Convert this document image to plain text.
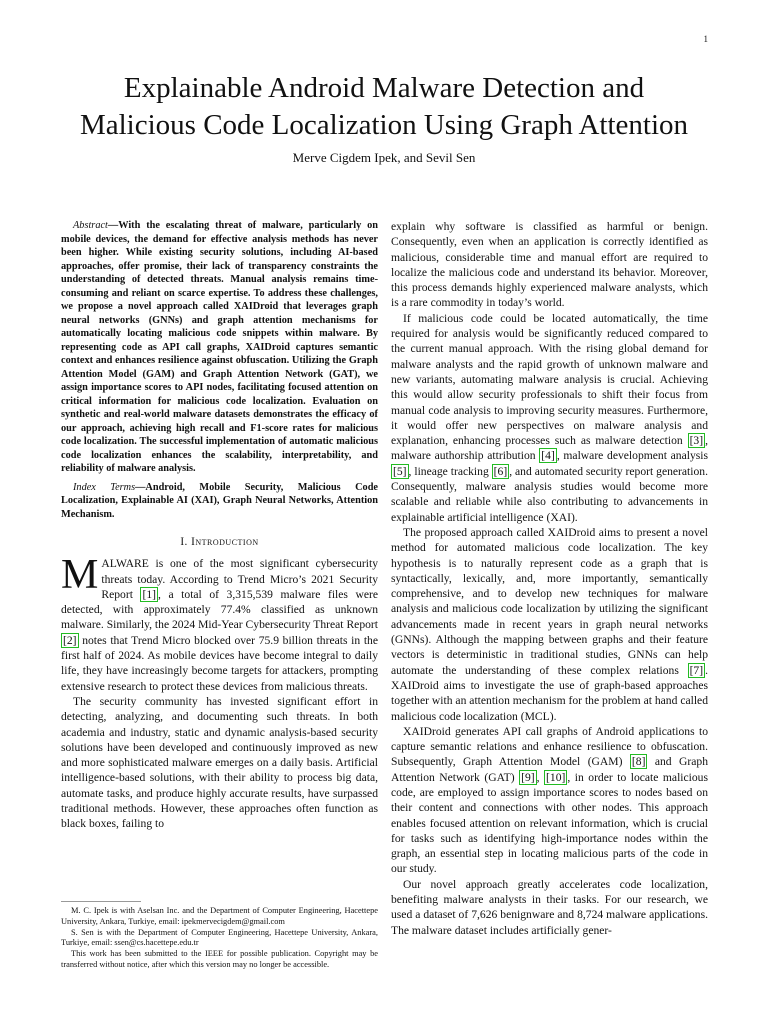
1
Explainable Android Malware Detection and
Malicious Code Localization Using Graph Attention
Merve Cigdem Ipek, and Sevil Sen

Abstract—With the escalating threat of malware, particularly on mobile devices, the demand for effective analysis methods has never been higher. While existing security solutions, including AI-based approaches, offer promise, their lack of transparency constraints the understanding of detected threats. Manual analysis remains time-consuming and reliant on scarce expertise. To address these challenges, we propose a novel approach called XAIDroid that leverages graph neural networks (GNNs) and graph attention mechanisms for automatically locating malicious code snippets within malware. By representing code as API call graphs, XAIDroid captures semantic context and enhances resilience against obfuscation. Utilizing the Graph Attention Model (GAM) and Graph Attention Network (GAT), we assign importance scores to API nodes, facilitating focused attention on critical information for malicious code localization. Evaluation on synthetic and real-world malware datasets demonstrates the efficacy of our approach, achieving high recall and F1-score rates for malicious code localization. The successful implementation of automatic malicious code localization enhances the scalability, interpretability, and reliability of malware analysis.

Index Terms—Android, Mobile Security, Malicious Code Localization, Explainable AI (XAI), Graph Neural Networks, Attention Mechanism.

I. Introduction

MALWARE is one of the most significant cybersecurity threats today. According to Trend Micro’s 2021 Security Report [1] , a total of 3,315,539 malware files were detected, with approximately 77.4% classified as unknown malware. Similarly, the 2024 Mid-Year Cybersecurity Threat Report [2] notes that Trend Micro blocked over 75.9 billion threats in the first half of 2024. As mobile devices have become integral to daily life, they have increasingly become targets for attackers, prompting extensive research to protect these devices from malicious threats.

The security community has invested significant effort in detecting, analyzing, and documenting such threats. In both academia and industry, static and dynamic analysis-based security solutions have been developed and continuously improved as new and more sophisticated malware emerges on a daily basis. Artificial intelligence-based solutions, with their ability to process big data, automate tasks, and produce highly accurate results, have surpassed traditional methods. However, these approaches often function as black boxes, failing to

M. C. Ipek is with Aselsan Inc. and the Department of Computer Engineering, Hacettepe University, Ankara, Turkiye, email: ipekmervecigdem@gmail.com

S. Sen is with the Department of Computer Engineering, Hacettepe University, Ankara, Turkiye, email: ssen@cs.hacettepe.edu.tr

This work has been submitted to the IEEE for possible publication. Copyright may be transferred without notice, after which this version may no longer be accessible.

explain why software is classified as harmful or benign. Consequently, even when an application is correctly identified as malicious, considerable time and manual effort are required to localize the malicious code and understand its behavior. Moreover, this process demands highly experienced malware analysts, which is a rare commodity in today’s world.

If malicious code could be located automatically, the time required for analysis would be significantly reduced compared to the current manual approach. With the rising global demand for malware analysts and the rapid growth of unknown malware and new variants, automating malware analysis is crucial. Achieving this would allow security professionals to shift their focus from manual code analysis to improving security measures. Furthermore, it would offer new perspectives on malware analysis and explanation, enhancing processes such as malware detection [3] , malware authorship attribution [4] , malware development analysis [5] , lineage tracking [6] , and automated security report generation. Consequently, malware analysis studies would become more scalable and reliable while also contributing to advancements in explainable artificial intelligence (XAI).

The proposed approach called XAIDroid aims to present a novel method for automated malicious code localization. The key hypothesis is to naturally represent code as a graph that is syntactically, lexically, and, more importantly, semantically comprehensive, and to develop new techniques for malware analysis and malicious code localization by utilizing the significant advancements made in recent years in graph neural networks (GNNs). Although the mapping between graphs and their feature vectors is deterministic in traditional studies, GNNs can help automate the understanding of these complex relations [7] . XAIDroid aims to investigate the use of graph-based approaches together with an attention mechanism for the problem at hand called malicious code localization (MCL).

XAIDroid generates API call graphs of Android applications to capture semantic relations and enhance resilience to obfuscation. Subsequently, Graph Attention Model (GAM) [8] and Graph Attention Network (GAT) [9] , [10] , in order to locate malicious code, are employed to assign importance scores to nodes based on their content and connections with other nodes. This approach enables focused attention on relevant information, which is crucial for tasks such as identifying high-importance nodes within the graph, an essential step in locating malicious parts of the code in our study.

Our novel approach greatly accelerates code localization, benefiting malware analysts in their tasks. For our research, we used a dataset of 7,626 benignware and 8,724 malware applications. The malware dataset includes artificially gener-
